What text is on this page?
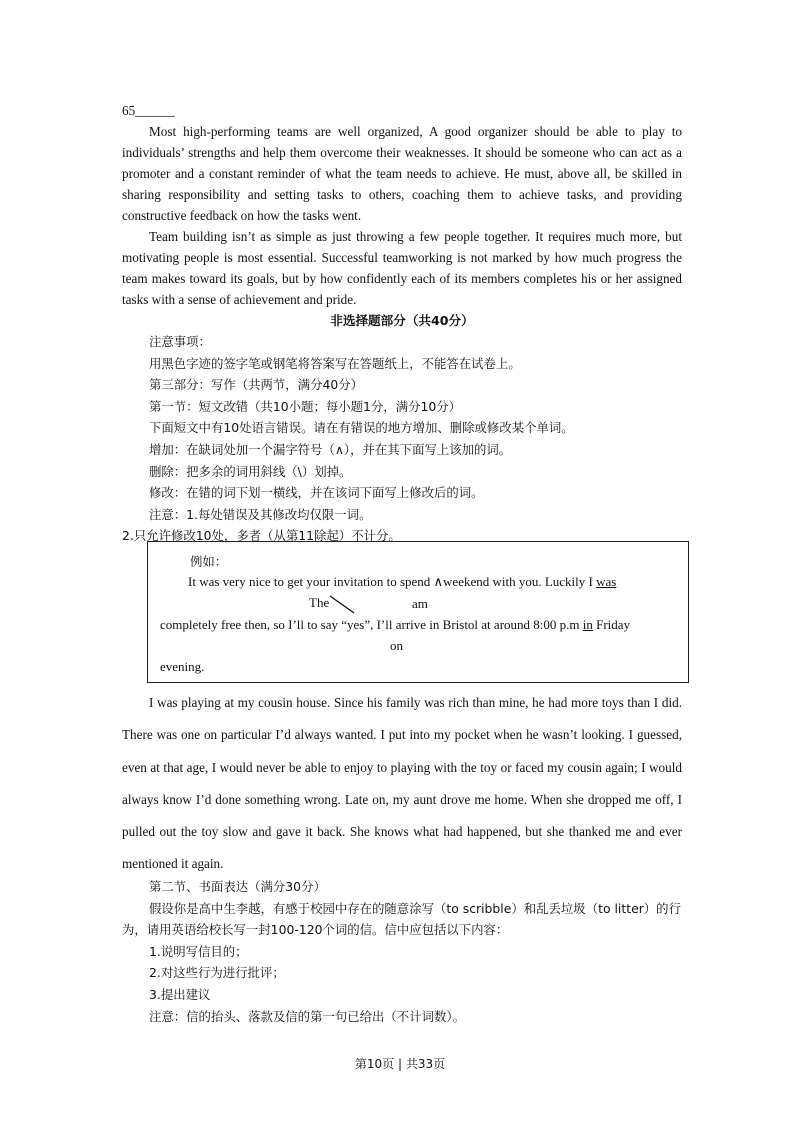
65______

Most high-performing teams are well organized, A good organizer should be able to play to individuals’ strengths and help them overcome their weaknesses. It should be someone who can act as a promoter and a constant reminder of what the team needs to achieve. He must, above all, be skilled in sharing responsibility and setting tasks to others, coaching them to achieve tasks, and providing constructive feedback on how the tasks went.

Team building isn’t as simple as just throwing a few people together. It requires much more, but motivating people is most essential. Successful teamworking is not marked by how much progress the team makes toward its goals, but by how confidently each of its members completes his or her assigned tasks with a sense of achievement and pride.

非选择题部分（共40分）

注意事项：

用黑色字迹的签字笔或钢笔将答案写在答题纸上，不能答在试卷上。

第三部分：写作（共两节，满分40分）

第一节：短文改错（共10小题；每小题1分，满分10分）

下面短文中有10处语言错误。请在有错误的地方增加、删除或修改某个单词。

增加：在缺词处加一个漏字符号（∧），并在其下面写上该加的词。

删除：把多余的词用斜线（\）划掉。

修改：在错的词下划一横线，并在该词下面写上修改后的词。

注意：1.每处错误及其修改均仅限一词。

2.只允许修改10处，多者（从第11除起）不计分。

例如：
It was very nice to get your invitation to spend ∧weekend with you. Luckily I was
The	am
completely free then, so I’ll to say “yes”, I’ll arrive in Bristol at around 8:00 p.m in Friday
on
evening.

I was playing at my cousin house. Since his family was rich than mine, he had more toys than I did. There was one on particular I’d always wanted. I put into my pocket when he wasn’t looking. I guessed, even at that age, I would never be able to enjoy to playing with the toy or faced my cousin again; I would always know I’d done something wrong. Late on, my aunt drove me home. When she dropped me off, I pulled out the toy slow and gave it back. She knows what had happened, but she thanked me and ever mentioned it again.

第二节、书面表达（满分30分）

假设你是高中生李越，有感于校园中存在的随意涂写（to scribble）和乱丢垃圾（to litter）的行为，请用英语给校长写一封100-120个词的信。信中应包括以下内容：

1.说明写信目的；

2.对这些行为进行批评；

3.提出建议

注意：信的抬头、落款及信的第一句已给出（不计词数）。

第10页 | 共33页
